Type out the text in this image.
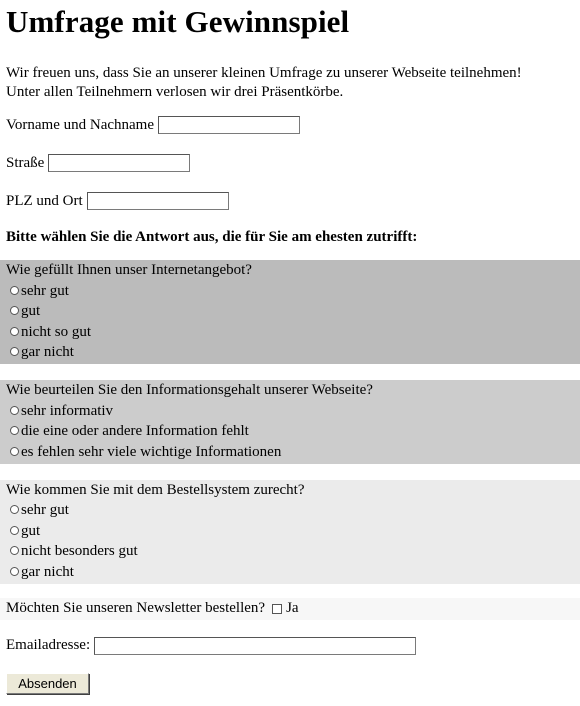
Umfrage mit Gewinnspiel
Wir freuen uns, dass Sie an unserer kleinen Umfrage zu unserer Webseite teilnehmen!
Unter allen Teilnehmern verlosen wir drei Präsentkörbe.
Vorname und Nachname
Straße
PLZ und Ort
Bitte wählen Sie die Antwort aus, die für Sie am ehesten zutrifft:
Wie gefüllt Ihnen unser Internetangebot?
sehr gut
gut
nicht so gut
gar nicht
Wie beurteilen Sie den Informationsgehalt unserer Webseite?
sehr informativ
die eine oder andere Information fehlt
es fehlen sehr viele wichtige Informationen
Wie kommen Sie mit dem Bestellsystem zurecht?
sehr gut
gut
nicht besonders gut
gar nicht
Möchten Sie unseren Newsletter bestellen? Ja
Emailadresse:
Absenden
